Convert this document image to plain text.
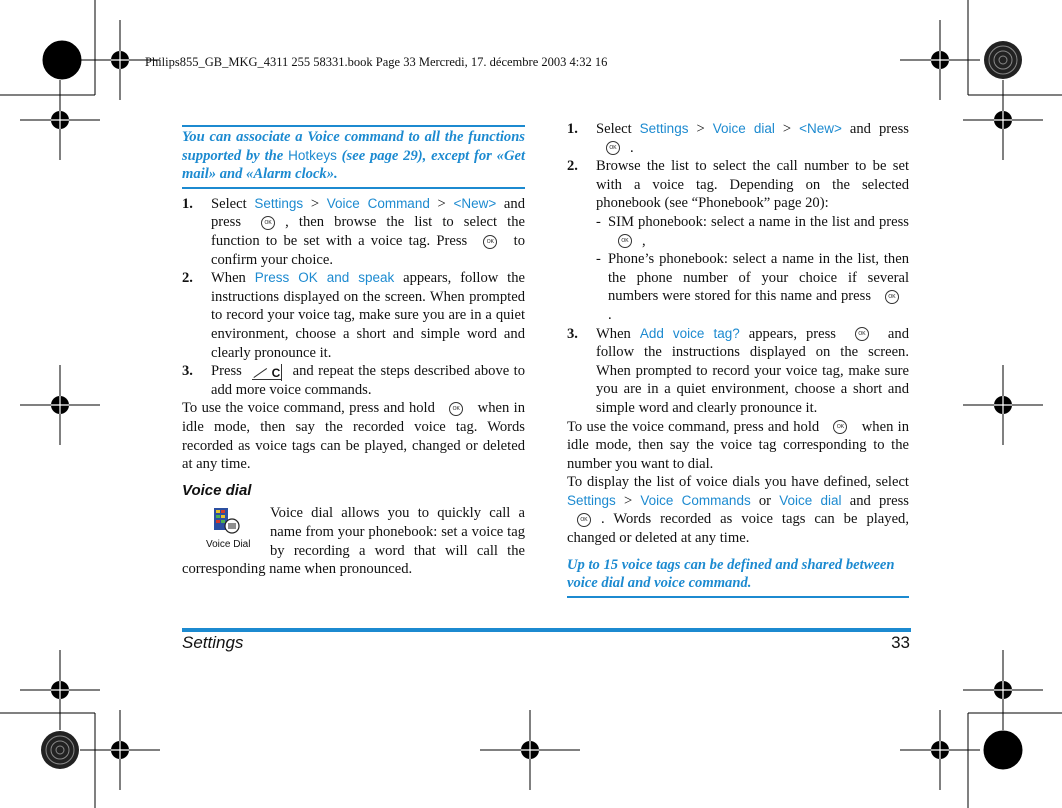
Philips855_GB_MKG_4311 255 58331.book Page 33 Mercredi, 17. décembre 2003 4:32 16
You can associate a Voice command to all the functions supported by the Hotkeys (see page 29), except for «Get mail» and «Alarm clock».
1. Select Settings > Voice Command > <New> and press	OK , then browse the list to select the function to be set with a voice tag. Press	OK to confirm your choice.
2. When Press OK and speak appears, follow the instructions displayed on the screen. When prompted to record your voice tag, make sure you are in a quiet environment, choose a short and simple word and clearly pronounce it.
3. Press C and repeat the steps described above to add more voice commands.

To use the voice command, press and hold	OK when in idle mode, then say the recorded voice tag. Words recorded as voice tags can be played, changed or deleted at any time.

Voice dial
Voice Dial

Voice dial allows you to quickly call a name from your phonebook: set a voice tag by recording a word that will call the corresponding name when pronounced.

1. Select Settings > Voice dial > <New> and press OK .
2. Browse the list to select the call number to be set with a voice tag. Depending on the selected phonebook (see “Phonebook” page 20):
- SIM phonebook: select a name in the list and press OK ,
- Phone’s phonebook: select a name in the list, then the phone number of your choice if several numbers were stored for this name and press	OK.
3. When Add voice tag? appears, press	OK and follow the instructions displayed on the screen. When prompted to record your voice tag, make sure you are in a quiet environment, choose a short and simple word and clearly pronounce it.

To use the voice command, press and hold	OK when in idle mode, then say the voice tag corresponding to the number you want to dial.

To display the list of voice dials you have defined, select Settings > Voice Commands or Voice dial and press OK . Words recorded as voice tags can be played, changed or deleted at any time.

Up to 15 voice tags can be defined and shared between voice dial and voice command.
Settings	33
